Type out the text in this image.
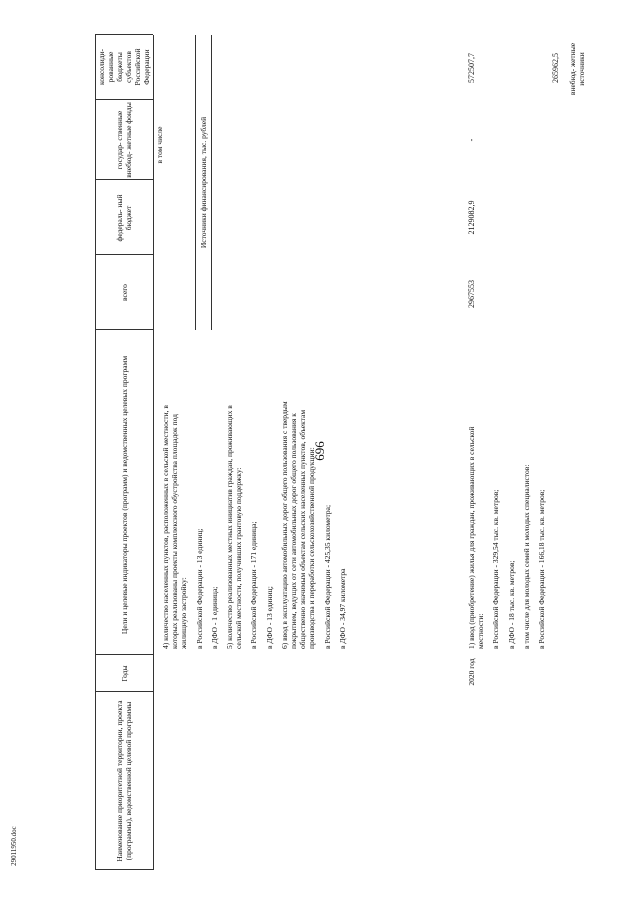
696
29011950.doc	Наименование приоритетной территории, проекта (программы), ведомственной целевой программы
Годы
Цели и целевые индикаторы проектов (программ) и ведомственных целевых программ
Источники финансирования, тыс. рублей
всего
в том числе
федераль- ный бюджет
государ- ственные внебюд- жетные фонды
консолиди- рованные бюджеты субъектов Российской Федерации

4) количество населенных пунктов, расположенных в сельской местности, в которых реализованы проекты комплексного обустройства площадок под жилищную застройку: в Российской Федерации - 13 единиц; в ДФО - 1 единица; 5) количество реализованных местных инициатив граждан, проживающих в сельской местности, получивших грантовую поддержку: в Российской Федерации - 171 единица; в ДФО - 13 единиц; 6) ввод в эксплуатацию автомобильных дорог общего пользования с твердым покрытием, ведущих от сети автомобильных дорог общего пользования к общественно значимым объектам сельских населенных пунктов, объектам производства и переработки сельскохозяйственной продукции: в Российской Федерации - 425,35 километра; в ДФО - 34,97 километра

2020 год

1) ввод (приобретение) жилья для граждан, проживающих в сельской местности: в Российской Федерации - 329,54 тыс. кв. метров; в ДФО - 18 тыс. кв. метров; в том числе для молодых семей и молодых специалистов: в Российской Федерации - 166,18 тыс. кв. метров;

2967553
2129082,9
-
572507,7	внебюд- жетные источники
265962,5
